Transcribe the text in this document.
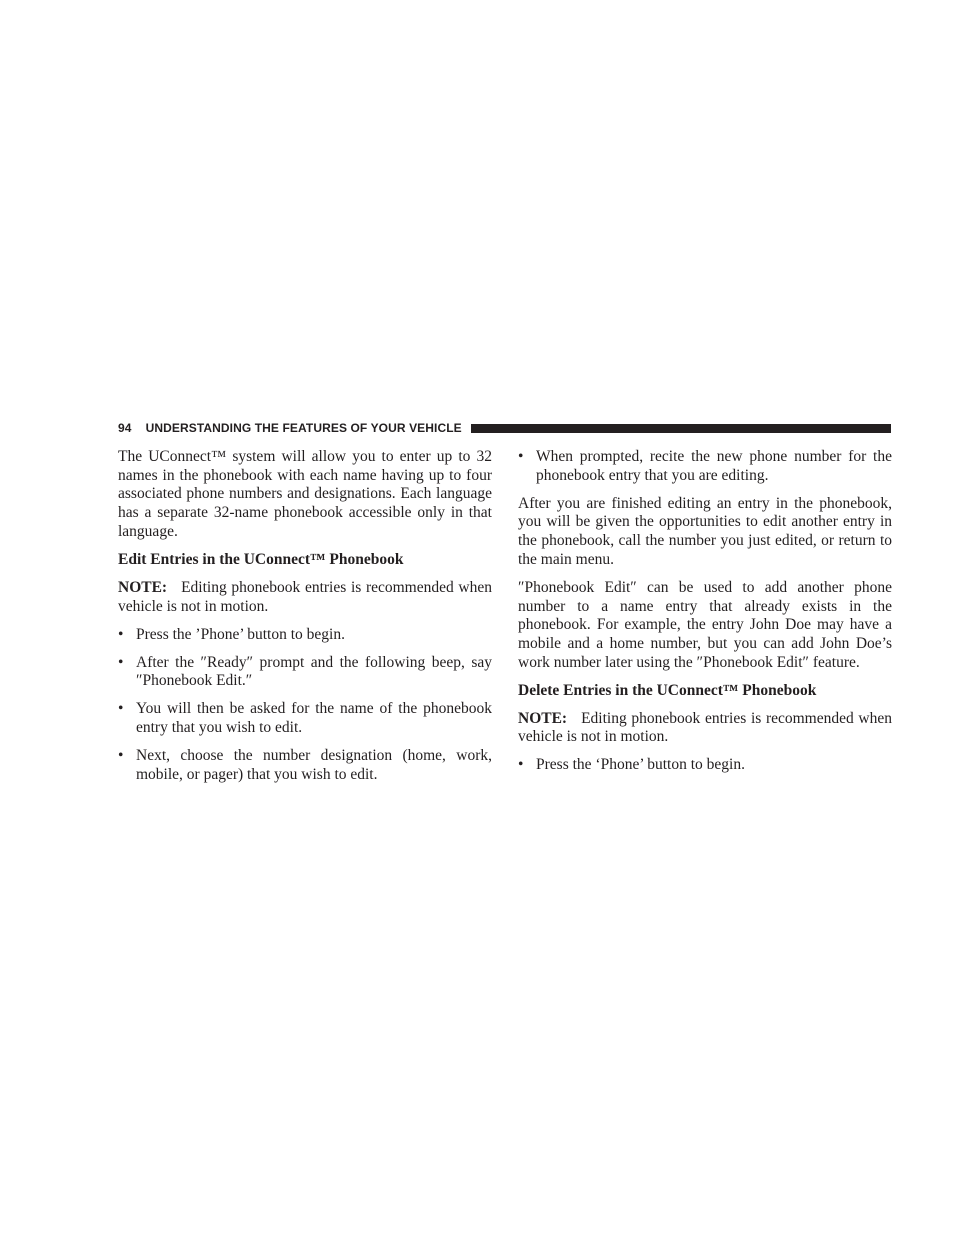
94 UNDERSTANDING THE FEATURES OF YOUR VEHICLE

The UConnect™ system will allow you to enter up to 32 names in the phonebook with each name having up to four associated phone numbers and designations. Each language has a separate 32-name phonebook accessible only in that language.

Edit Entries in the UConnect™ Phonebook

NOTE: Editing phonebook entries is recommended when vehicle is not in motion.

• Press the ’Phone’ button to begin.
• After the ″Ready″ prompt and the following beep, say ″Phonebook Edit.″
• You will then be asked for the name of the phonebook entry that you wish to edit.
• Next, choose the number designation (home, work, mobile, or pager) that you wish to edit.
• When prompted, recite the new phone number for the phonebook entry that you are editing.

After you are finished editing an entry in the phonebook, you will be given the opportunities to edit another entry in the phonebook, call the number you just edited, or return to the main menu.

″Phonebook Edit″ can be used to add another phone number to a name entry that already exists in the phonebook. For example, the entry John Doe may have a mobile and a home number, but you can add John Doe’s work number later using the ″Phonebook Edit″ feature.

Delete Entries in the UConnect™ Phonebook

NOTE: Editing phonebook entries is recommended when vehicle is not in motion.

• Press the ‘Phone’ button to begin.
